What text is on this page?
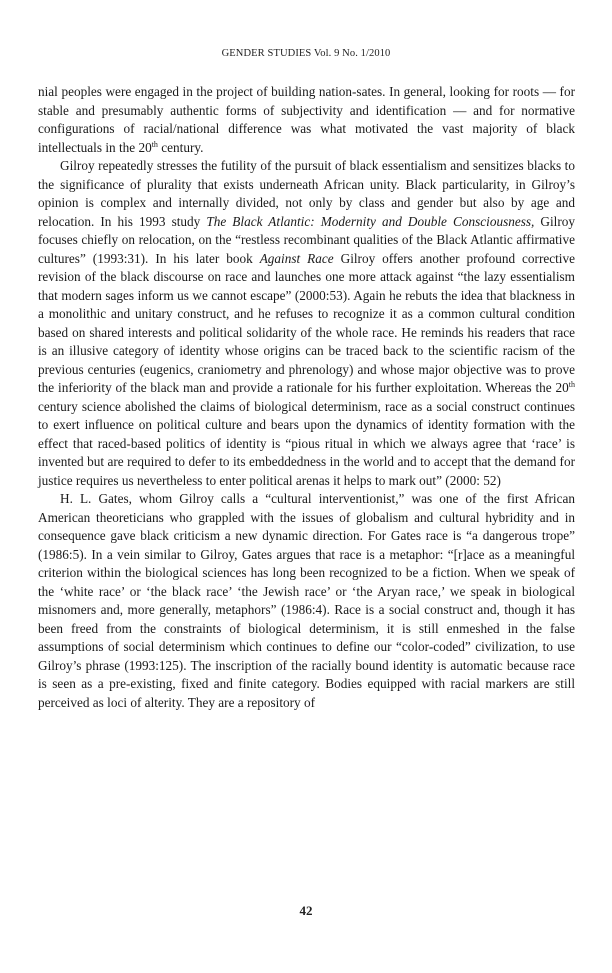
GENDER STUDIES Vol. 9 No. 1/2010

nial peoples were engaged in the project of building nation-sates. In general, looking for roots — for stable and presumably authentic forms of subjectivity and identification — and for normative configurations of racial/national difference was what motivated the vast majority of black intellectuals in the 20th century.

Gilroy repeatedly stresses the futility of the pursuit of black essentialism and sensitizes blacks to the significance of plurality that exists underneath African unity. Black particularity, in Gilroy’s opinion is complex and internally divided, not only by class and gender but also by age and relocation. In his 1993 study The Black Atlantic: Modernity and Double Consciousness, Gilroy focuses chiefly on relocation, on the “restless recombinant qualities of the Black Atlantic affirmative cultures” (1993:31). In his later book Against Race Gilroy offers another profound corrective revision of the black discourse on race and launches one more attack against “the lazy essentialism that modern sages inform us we cannot escape” (2000:53). Again he rebuts the idea that blackness in a monolithic and unitary construct, and he refuses to recognize it as a common cultural condition based on shared interests and political solidarity of the whole race. He reminds his readers that race is an illusive category of identity whose origins can be traced back to the scientific racism of the previous centuries (eugenics, craniometry and phrenology) and whose major objective was to prove the inferiority of the black man and provide a rationale for his further exploitation. Whereas the 20th century science abolished the claims of biological determinism, race as a social construct continues to exert influence on political culture and bears upon the dynamics of identity formation with the effect that raced-based politics of identity is “pious ritual in which we always agree that ‘race’ is invented but are required to defer to its embeddedness in the world and to accept that the demand for justice requires us nevertheless to enter political arenas it helps to mark out” (2000: 52)

H. L. Gates, whom Gilroy calls a “cultural interventionist,” was one of the first African American theoreticians who grappled with the issues of globalism and cultural hybridity and in consequence gave black criticism a new dynamic direction. For Gates race is “a dangerous trope” (1986:5). In a vein similar to Gilroy, Gates argues that race is a metaphor: “[r]ace as a meaningful criterion within the biological sciences has long been recognized to be a fiction. When we speak of the ‘white race’ or ‘the black race’ ‘the Jewish race’ or ‘the Aryan race,’ we speak in biological misnomers and, more generally, metaphors” (1986:4). Race is a social construct and, though it has been freed from the constraints of biological determinism, it is still enmeshed in the false assumptions of social determinism which continues to define our “color-coded” civilization, to use Gilroy’s phrase (1993:125). The inscription of the racially bound identity is automatic because race is seen as a pre-existing, fixed and finite category. Bodies equipped with racial markers are still perceived as loci of alterity. They are a repository of

42
